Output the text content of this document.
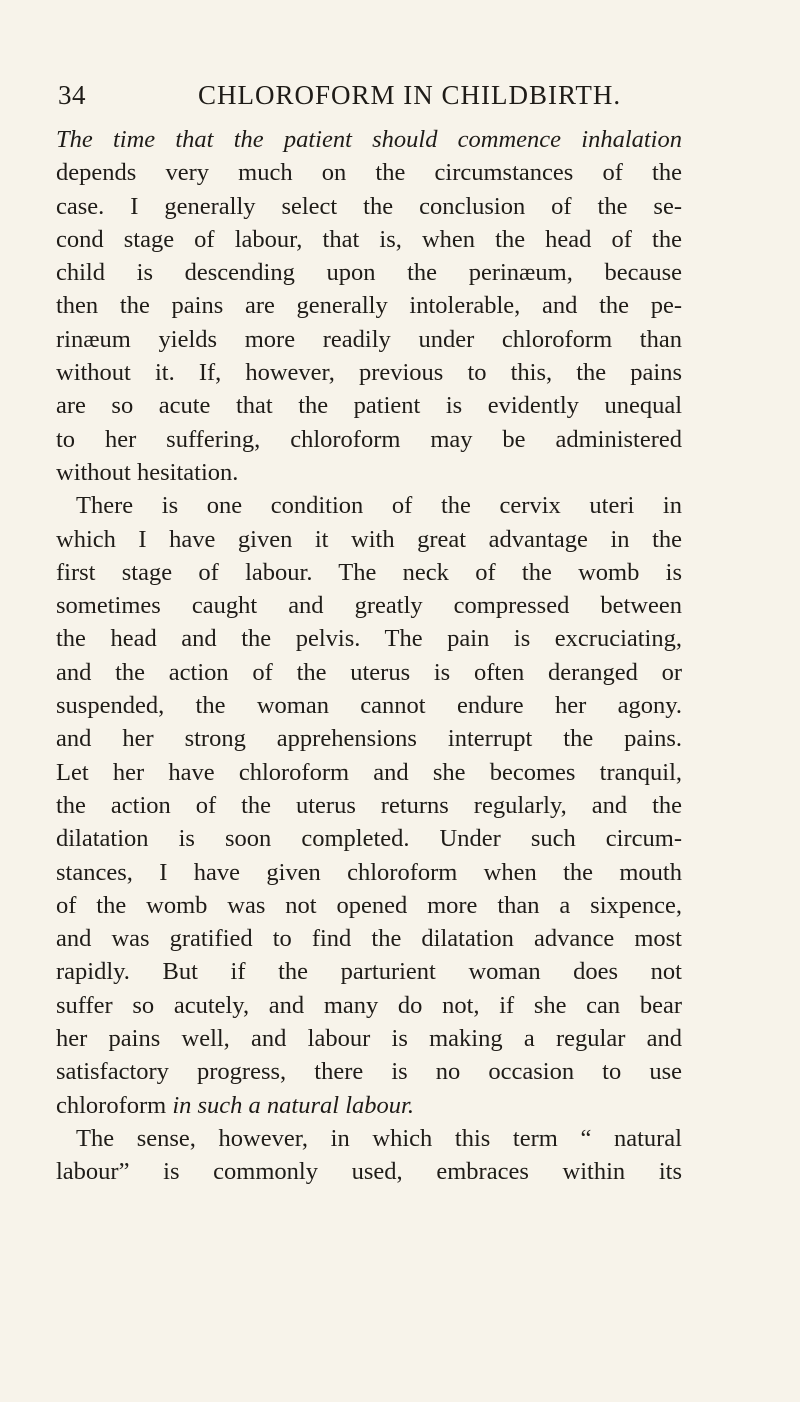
34	CHLOROFORM IN CHILDBIRTH.
The time that the patient should commence inhalation
depends very much on the circumstances of the
case. I generally select the conclusion of the se-
cond stage of labour, that is, when the head of the
child is descending upon the perinæum, because
then the pains are generally intolerable, and the pe-
rinæum yields more readily under chloroform than
without it. If, however, previous to this, the pains
are so acute that the patient is evidently unequal
to her suffering, chloroform may be administered
without hesitation.
There is one condition of the cervix uteri in
which I have given it with great advantage in the
first stage of labour. The neck of the womb is
sometimes caught and greatly compressed between
the head and the pelvis. The pain is excruciating,
and the action of the uterus is often deranged or
suspended, the woman cannot endure her agony.
and her strong apprehensions interrupt the pains.
Let her have chloroform and she becomes tranquil,
the action of the uterus returns regularly, and the
dilatation is soon completed. Under such circum-
stances, I have given chloroform when the mouth
of the womb was not opened more than a sixpence,
and was gratified to find the dilatation advance most
rapidly. But if the parturient woman does not
suffer so acutely, and many do not, if she can bear
her pains well, and labour is making a regular and
satisfactory progress, there is no occasion to use
chloroform in such a natural labour.
The sense, however, in which this term “ natural
labour” is commonly used, embraces within its
